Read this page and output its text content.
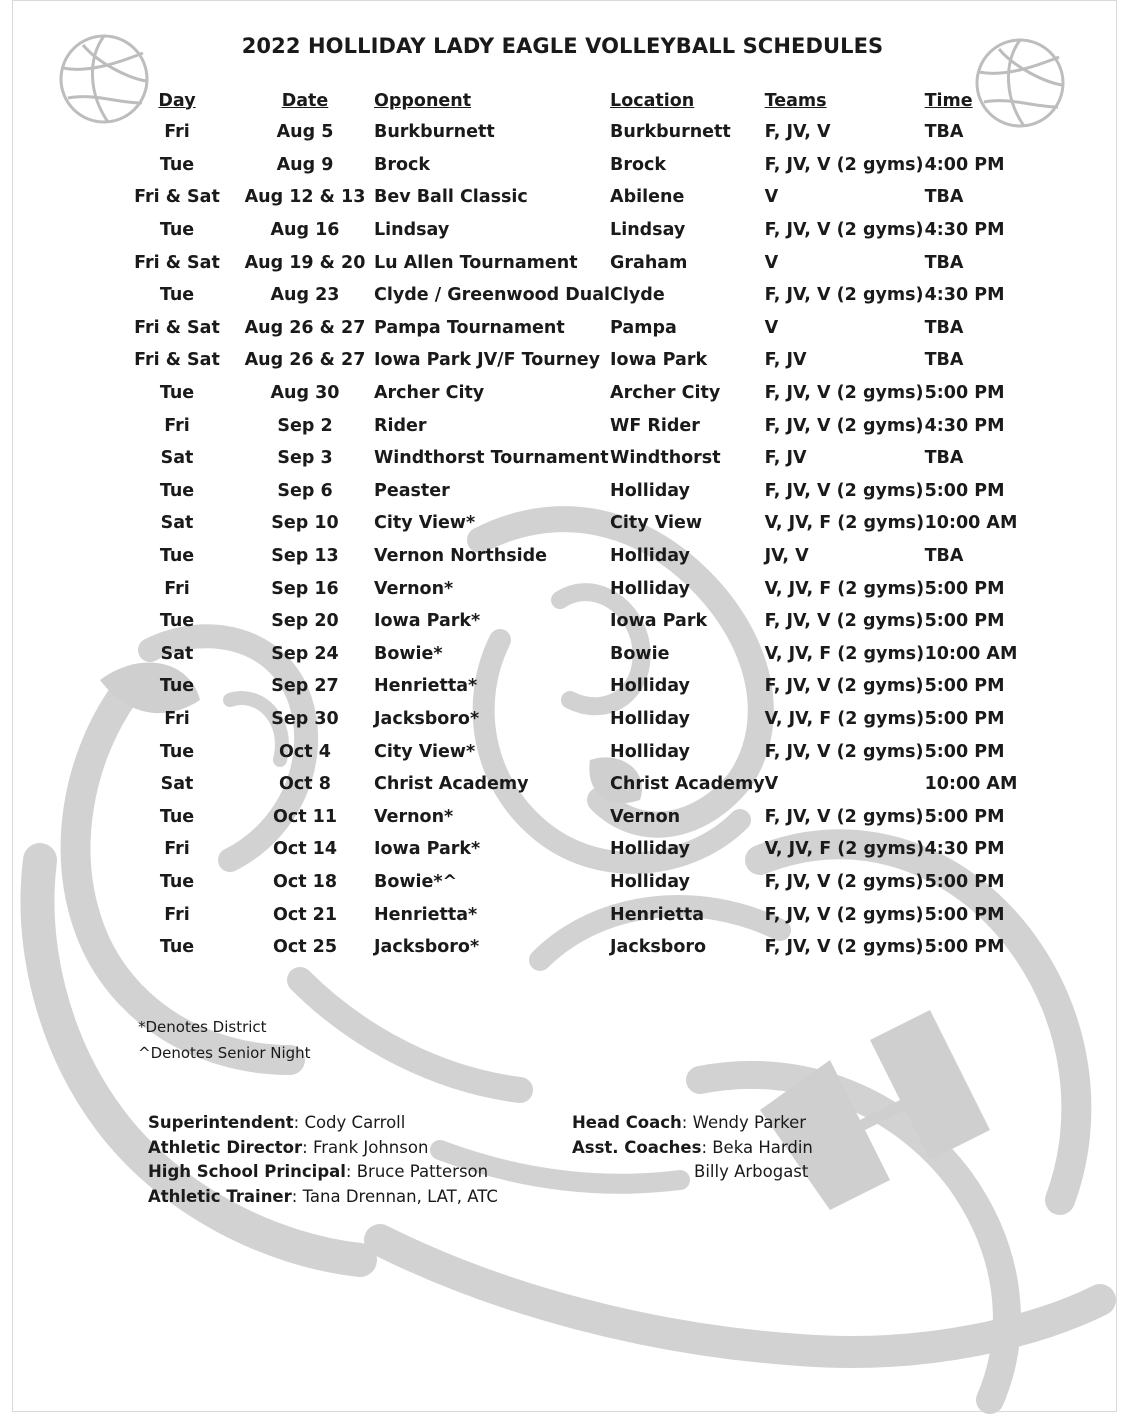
2022 HOLLIDAY LADY EAGLE VOLLEYBALL SCHEDULES
Day	Date	Opponent	Location	Teams	Time
Fri	Aug 5	Burkburnett	Burkburnett	F, JV, V	TBA
Tue	Aug 9	Brock	Brock	F, JV, V (2 gyms)	4:00 PM
Fri & Sat	Aug 12 & 13	Bev Ball Classic	Abilene	V	TBA
Tue	Aug 16	Lindsay	Lindsay	F, JV, V (2 gyms)	4:30 PM
Fri & Sat	Aug 19 & 20	Lu Allen Tournament	Graham	V	TBA
Tue	Aug 23	Clyde / Greenwood Dual	Clyde	F, JV, V (2 gyms)	4:30 PM
Fri & Sat	Aug 26 & 27	Pampa Tournament	Pampa	V	TBA
Fri & Sat	Aug 26 & 27	Iowa Park JV/F Tourney	Iowa Park	F, JV	TBA
Tue	Aug 30	Archer City	Archer City	F, JV, V (2 gyms)	5:00 PM
Fri	Sep 2	Rider	WF Rider	F, JV, V (2 gyms)	4:30 PM
Sat	Sep 3	Windthorst Tournament	Windthorst	F, JV	TBA
Tue	Sep 6	Peaster	Holliday	F, JV, V (2 gyms)	5:00 PM
Sat	Sep 10	City View*	City View	V, JV, F (2 gyms)	10:00 AM
Tue	Sep 13	Vernon Northside	Holliday	JV, V	TBA
Fri	Sep 16	Vernon*	Holliday	V, JV, F (2 gyms)	5:00 PM
Tue	Sep 20	Iowa Park*	Iowa Park	F, JV, V (2 gyms)	5:00 PM
Sat	Sep 24	Bowie*	Bowie	V, JV, F (2 gyms)	10:00 AM
Tue	Sep 27	Henrietta*	Holliday	F, JV, V (2 gyms)	5:00 PM
Fri	Sep 30	Jacksboro*	Holliday	V, JV, F (2 gyms)	5:00 PM
Tue	Oct 4	City View*	Holliday	F, JV, V (2 gyms)	5:00 PM
Sat	Oct 8	Christ Academy	Christ Academy	V	10:00 AM
Tue	Oct 11	Vernon*	Vernon	F, JV, V (2 gyms)	5:00 PM
Fri	Oct 14	Iowa Park*	Holliday	V, JV, F (2 gyms)	4:30 PM
Tue	Oct 18	Bowie*^	Holliday	F, JV, V (2 gyms)	5:00 PM
Fri	Oct 21	Henrietta*	Henrietta	F, JV, V (2 gyms)	5:00 PM
Tue	Oct 25	Jacksboro*	Jacksboro	F, JV, V (2 gyms)	5:00 PM
*Denotes District
^Denotes Senior Night
Superintendent: Cody Carroll
Athletic Director: Frank Johnson
High School Principal: Bruce Patterson
Athletic Trainer: Tana Drennan, LAT, ATC
Head Coach: Wendy Parker
Asst. Coaches: Beka Hardin
Billy Arbogast
